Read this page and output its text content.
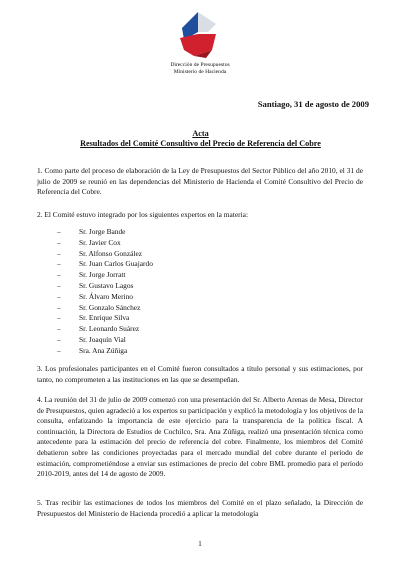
Dirección de Presupuestos
Ministerio de Hacienda
Santiago, 31 de agosto de 2009
Acta
Resultados del Comité Consultivo del Precio de Referencia del Cobre
1. Como parte del proceso de elaboración de la Ley de Presupuestos del Sector Público del año 2010, el 31 de julio de 2009 se reunió en las dependencias del Ministerio de Hacienda el Comité Consultivo del Precio de Referencia del Cobre.
2. El Comité estuvo integrado por los siguientes expertos en la materia:
– Sr. Jorge Bande
– Sr. Javier Cox
– Sr. Alfonso González
– Sr. Juan Carlos Guajardo
– Sr. Jorge Jorratt
– Sr. Gustavo Lagos
– Sr. Álvaro Merino
– Sr. Gonzalo Sánchez
– Sr. Enrique Silva
– Sr. Leonardo Suárez
– Sr. Joaquín Vial
– Sra. Ana Zúñiga
3. Los profesionales participantes en el Comité fueron consultados a título personal y sus estimaciones, por tanto, no comprometen a las instituciones en las que se desempeñan.
4. La reunión del 31 de julio de 2009 comenzó con una presentación del Sr. Alberto Arenas de Mesa, Director de Presupuestos, quien agradeció a los expertos su participación y explicó la metodología y los objetivos de la consulta, enfatizando la importancia de este ejercicio para la transparencia de la política fiscal. A continuación, la Directora de Estudios de Cochilco, Sra. Ana Zúñiga, realizó una presentación técnica como antecedente para la estimación del precio de referencia del cobre. Finalmente, los miembros del Comité debatieron sobre las condiciones proyectadas para el mercado mundial del cobre durante el período de estimación, comprometiéndose a enviar sus estimaciones de precio del cobre BML promedio para el período 2010-2019, antes del 14 de agosto de 2009.
5. Tras recibir las estimaciones de todos los miembros del Comité en el plazo señalado, la Dirección de Presupuestos del Ministerio de Hacienda procedió a aplicar la metodología
1
